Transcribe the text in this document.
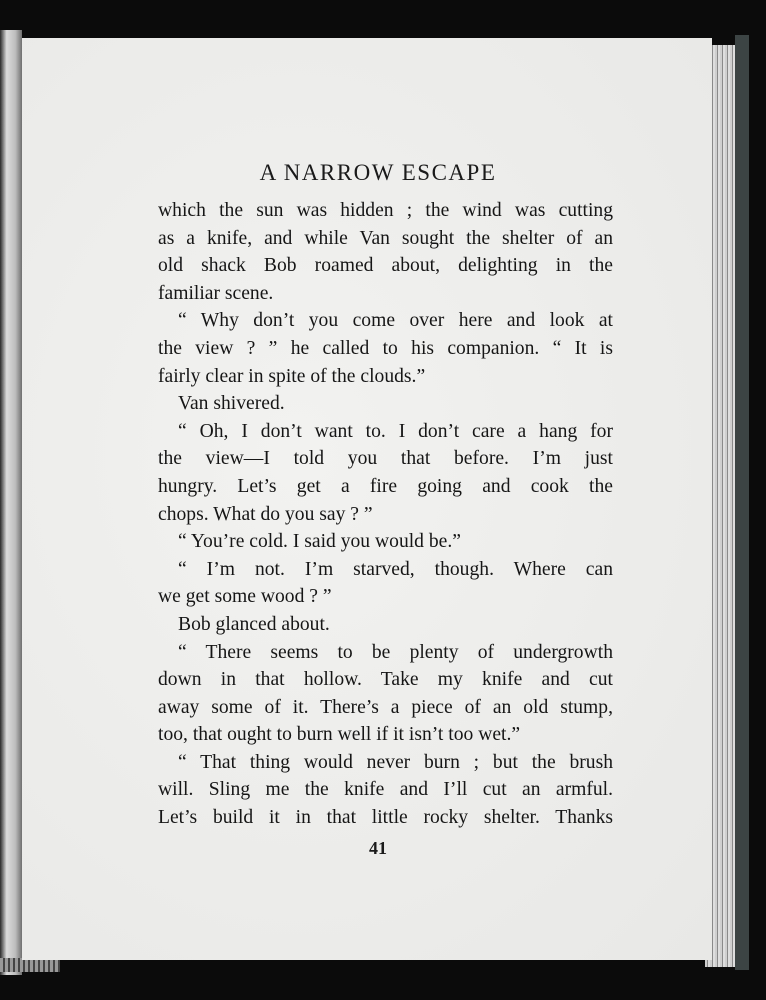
A NARROW ESCAPE
which the sun was hidden ; the wind was cutting
as a knife, and while Van sought the shelter of an
old shack Bob roamed about, delighting in the
familiar scene.
“ Why don’t you come over here and look at
the view ? ” he called to his companion. “ It is
fairly clear in spite of the clouds.”
Van shivered.
“ Oh, I don’t want to. I don’t care a hang for
the view—I told you that before. I’m just
hungry. Let’s get a fire going and cook the
chops. What do you say ? ”
“ You’re cold. I said you would be.”
“ I’m not. I’m starved, though. Where can
we get some wood ? ”
Bob glanced about.
“ There seems to be plenty of undergrowth
down in that hollow. Take my knife and cut
away some of it. There’s a piece of an old stump,
too, that ought to burn well if it isn’t too wet.”
“ That thing would never burn ; but the brush
will. Sling me the knife and I’ll cut an armful.
Let’s build it in that little rocky shelter. Thanks
41
